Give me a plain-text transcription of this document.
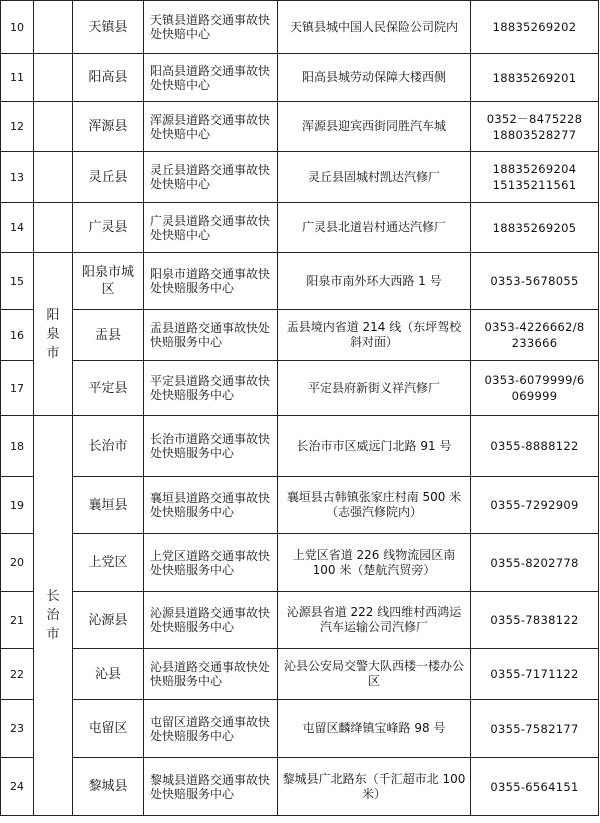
10		天镇县	天镇县道路交通事故快处快赔中心	天镇县城中国人民保险公司院内	18835269202

11		阳高县	阳高县道路交通事故快处快赔中心	阳高县城劳动保障大楼西侧	18835269201

12		浑源县	浑源县道路交通事故快处快赔中心	浑源县迎宾西街同胜汽车城	0352－8475228
18803528277

13		灵丘县	灵丘县道路交通事故快处快赔中心	灵丘县固城村凯达汽修厂	18835269204
15135211561

14		广灵县	广灵县道路交通事故快处快赔中心	广灵县北道岩村通达汽修厂	18835269205

15	阳泉市	阳泉市城区	阳泉市道路交通事故快处快赔服务中心	阳泉市南外环大西路 1 号	0353-5678055

16		盂县	盂县道路交通事故快处快赔服务中心	盂县境内省道 214 线（东坪驾校斜对面）	0353-4226662/8
233666

17		平定县	平定县道路交通事故快处快赔服务中心	平定县府新街义祥汽修厂	0353-6079999/6
069999

18	长治市	长治市	长治市道路交通事故快处快赔服务中心	长治市市区威远门北路 91 号	0355-8888122

19		襄垣县	襄垣县道路交通事故快处快赔服务中心	襄垣县古韩镇张家庄村南 500 米（志强汽修院内）	0355-7292909

20		上党区	上党区道路交通事故快处快赔服务中心	上党区省道 226 线物流园区南 100 米（楚航汽贸旁）	0355-8202778

21		沁源县	沁源县道路交通事故快处快赔服务中心	沁源县省道 222 线四维村西鸿运汽车运输公司汽修厂	0355-7838122

22		沁县	沁县道路交通事故快处快赔服务中心	沁县公安局交警大队西楼一楼办公区	0355-7171122

23		屯留区	屯留区道路交通事故快处快赔服务中心	屯留区麟绛镇宝峰路 98 号	0355-7582177

24		黎城县	黎城县道路交通事故快处快赔服务中心	黎城县广北路东（千汇超市北 100 米）	0355-6564151
